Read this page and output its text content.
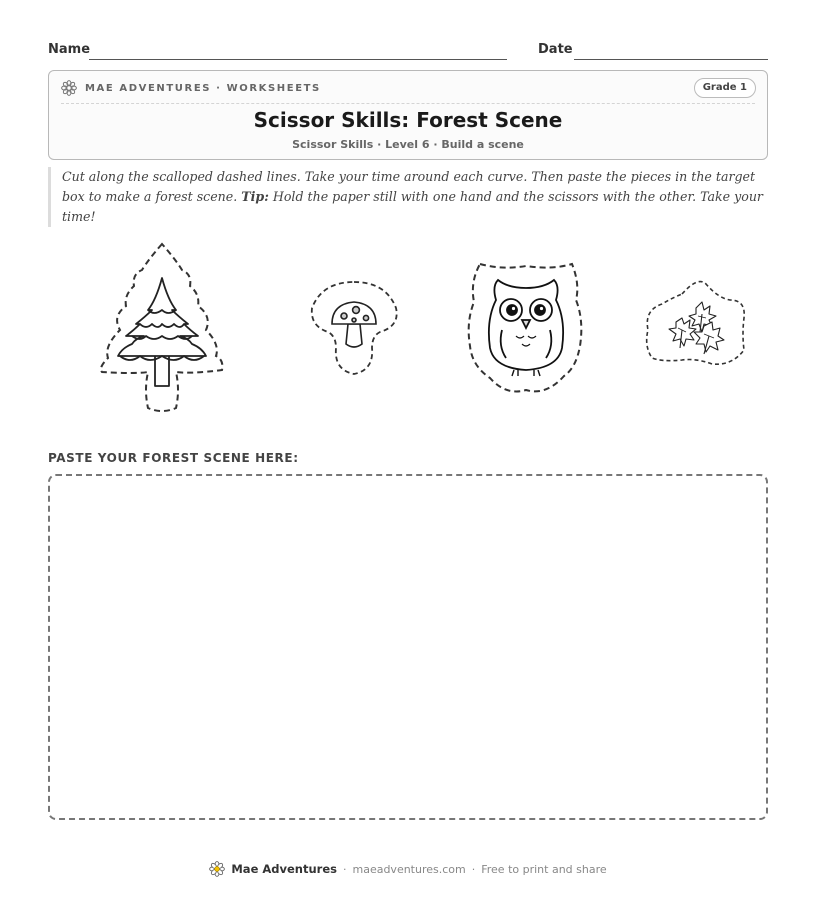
Name	Date
MAE ADVENTURES · WORKSHEETS	Grade 1
Scissor Skills: Forest Scene
Scissor Skills · Level 6 · Build a scene
Cut along the scalloped dashed lines. Take your time around each curve. Then paste the pieces in the target box to make a forest scene. Tip: Hold the paper still with one hand and the scissors with the other. Take your time!
PASTE YOUR FOREST SCENE HERE:
Mae Adventures · maeadventures.com · Free to print and share
